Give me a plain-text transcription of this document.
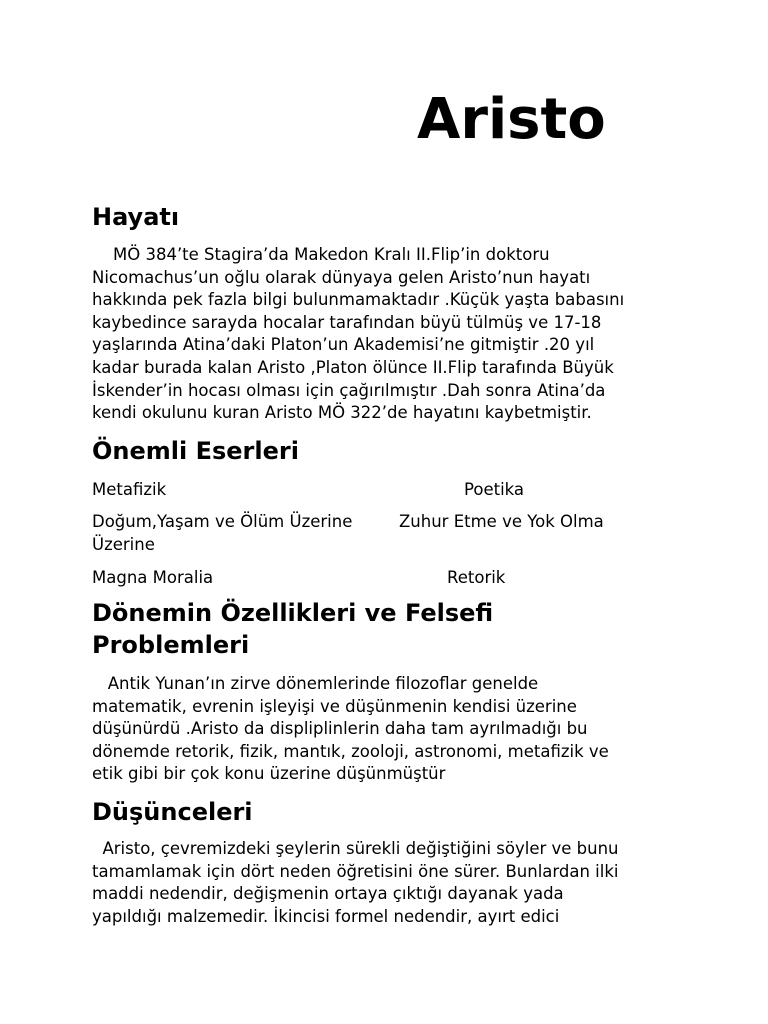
Aristo
Hayatı

MÖ 384’te Stagira’da Makedon Kralı II.Flip’in doktoru
Nicomachus’un oğlu olarak dünyaya gelen Aristo’nun hayatı
hakkında pek fazla bilgi bulunmamaktadır .Küçük yaşta babasını
kaybedince sarayda hocalar tarafından büyü tülmüş ve 17-18
yaşlarında Atina’daki Platon’un Akademisi’ne gitmiştir .20 yıl
kadar burada kalan Aristo ,Platon ölünce II.Flip tarafında Büyük
İskender’in hocası olması için çağırılmıştır .Dah sonra Atina’da
kendi okulunu kuran Aristo MÖ 322’de hayatını kaybetmiştir.

Önemli Eserleri
Metafizik	Poetika
Doğum,Yaşam ve Ölüm Üzerine
Üzerine
Zuhur Etme ve Yok Olma
Magna Moralia	Retorik
Dönemin Özellikleri ve Felsefi
Problemleri

Antik Yunan’ın zirve dönemlerinde filozoflar genelde
matematik, evrenin işleyişi ve düşünmenin kendisi üzerine
düşünürdü .Aristo da displiplinlerin daha tam ayrılmadığı bu
dönemde retorik, fizik, mantık, zooloji, astronomi, metafizik ve
etik gibi bir çok konu üzerine düşünmüştür

Düşünceleri

Aristo, çevremizdeki şeylerin sürekli değiştiğini söyler ve bunu
tamamlamak için dört neden öğretisini öne sürer. Bunlardan ilki
maddi nedendir, değişmenin ortaya çıktığı dayanak yada
yapıldığı malzemedir. İkincisi formel nedendir, ayırt edici
